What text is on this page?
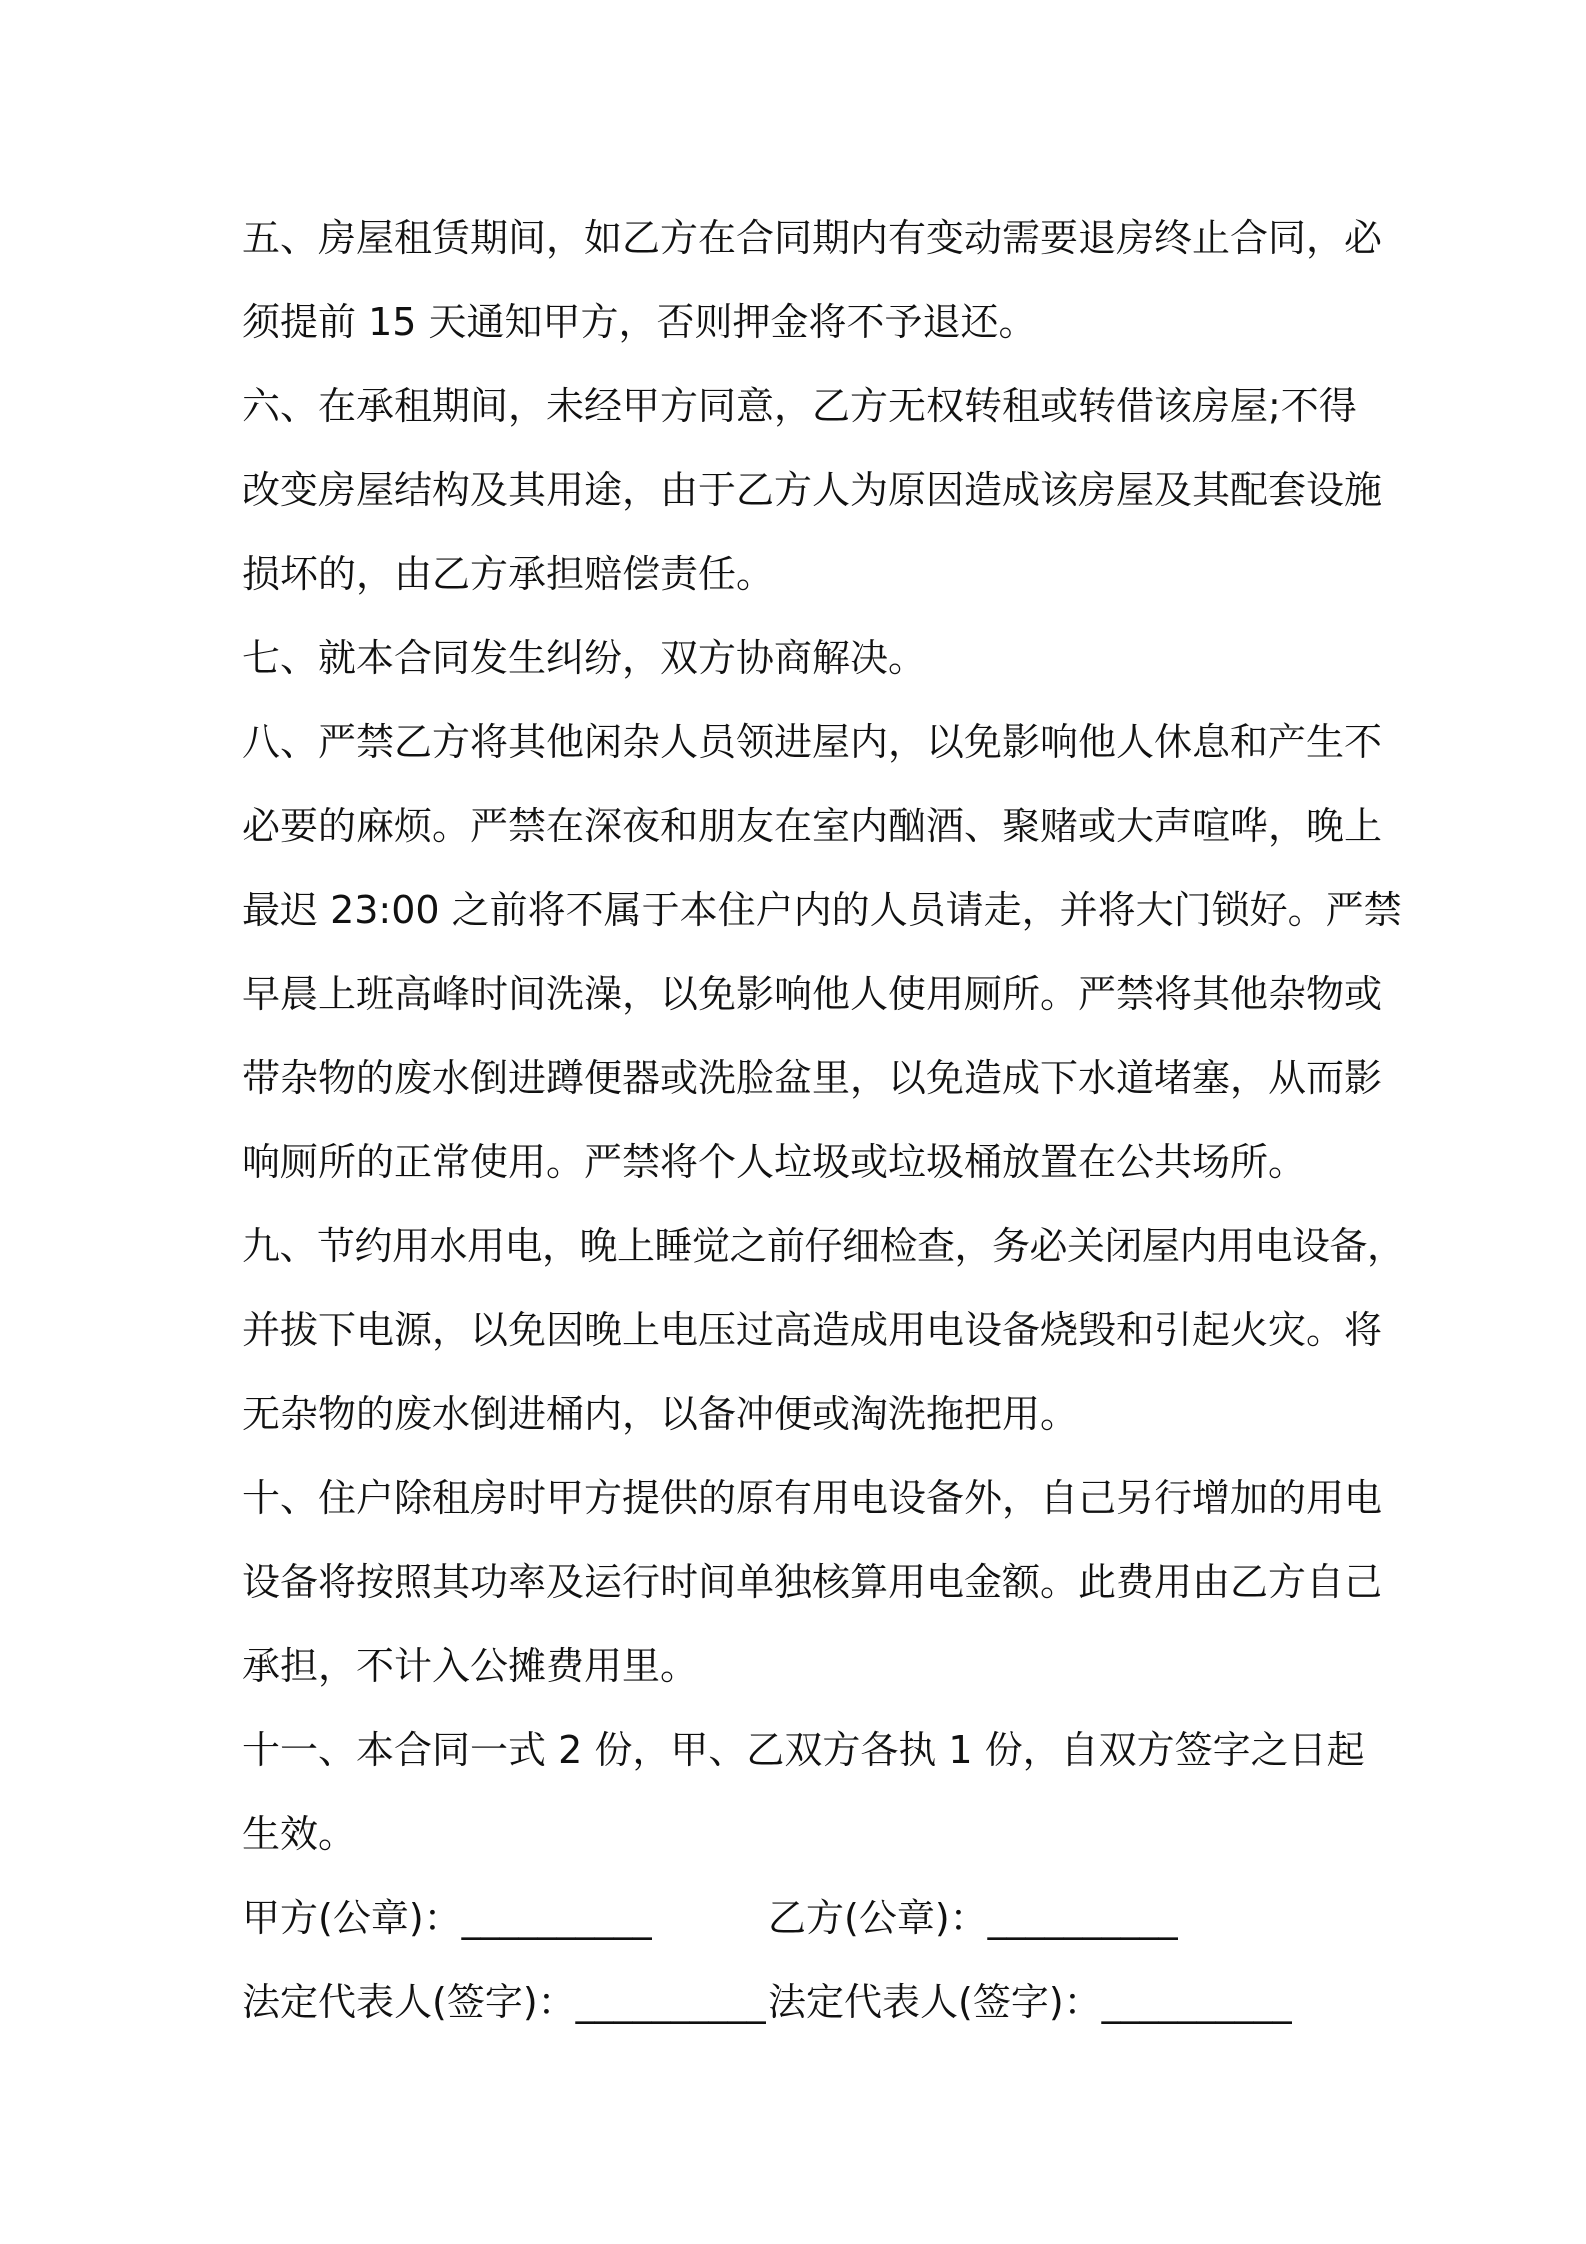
五、房屋租赁期间，如乙方在合同期内有变动需要退房终止合同，必
须提前 15 天通知甲方，否则押金将不予退还。
六、在承租期间，未经甲方同意，乙方无权转租或转借该房屋;不得
改变房屋结构及其用途，由于乙方人为原因造成该房屋及其配套设施
损坏的，由乙方承担赔偿责任。
七、就本合同发生纠纷，双方协商解决。
八、严禁乙方将其他闲杂人员领进屋内，以免影响他人休息和产生不
必要的麻烦。严禁在深夜和朋友在室内酗酒、聚赌或大声喧哗，晚上
最迟 23:00 之前将不属于本住户内的人员请走，并将大门锁好。严禁
早晨上班高峰时间洗澡，以免影响他人使用厕所。严禁将其他杂物或
带杂物的废水倒进蹲便器或洗脸盆里，以免造成下水道堵塞，从而影
响厕所的正常使用。严禁将个人垃圾或垃圾桶放置在公共场所。
九、节约用水用电，晚上睡觉之前仔细检查，务必关闭屋内用电设备，
并拔下电源，以免因晚上电压过高造成用电设备烧毁和引起火灾。将
无杂物的废水倒进桶内，以备冲便或淘洗拖把用。
十、住户除租房时甲方提供的原有用电设备外，自己另行增加的用电
设备将按照其功率及运行时间单独核算用电金额。此费用由乙方自己
承担，不计入公摊费用里。
十一、本合同一式 2 份，甲、乙双方各执 1 份，自双方签字之日起
生效。
甲方(公章)：__________	乙方(公章)：__________
法定代表人(签字)：__________ 法定代表人(签字)：__________
